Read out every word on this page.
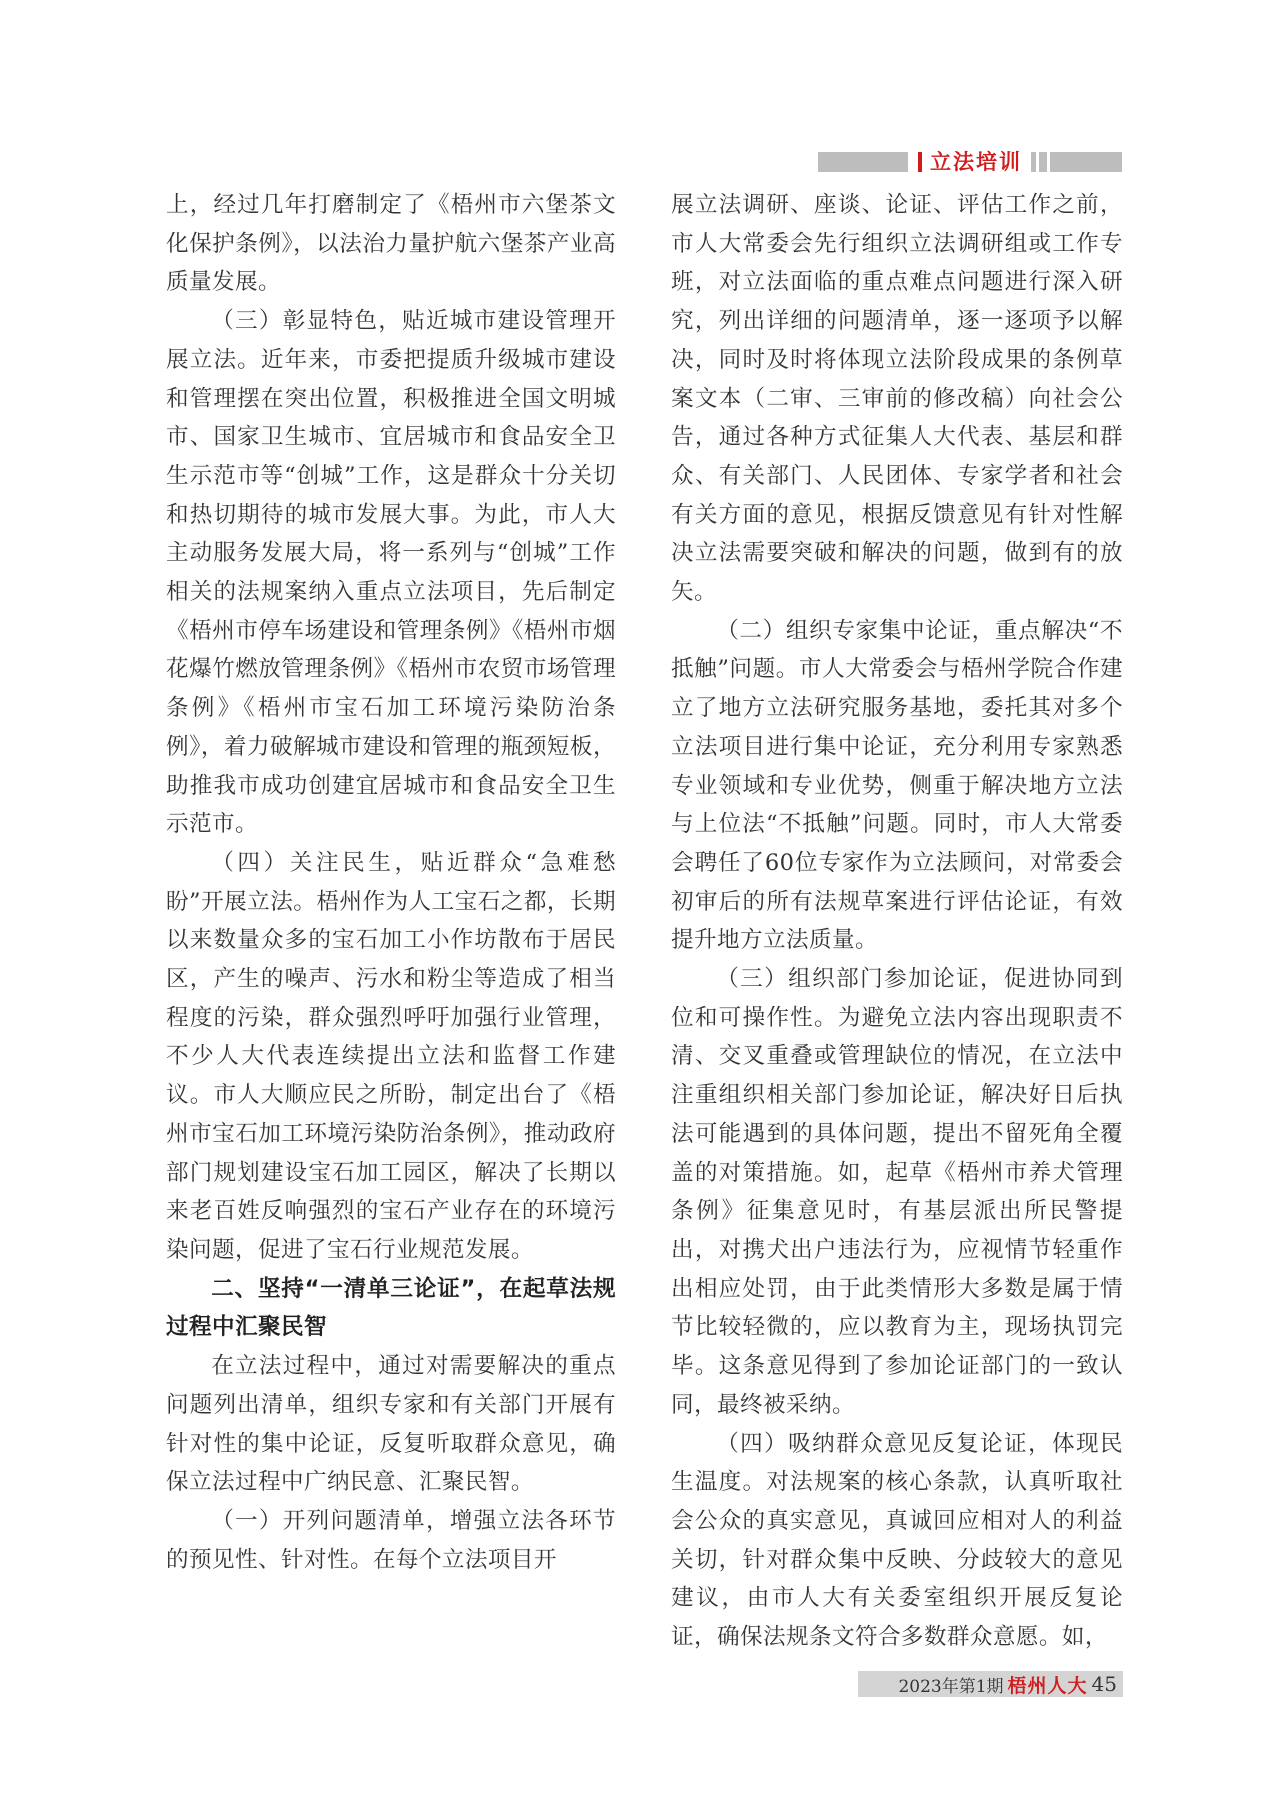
立法培训

上，经过几年打磨制定了《梧州市六堡茶文化保护条例》，以法治力量护航六堡茶产业高质量发展。

（三）彰显特色，贴近城市建设管理开展立法。近年来，市委把提质升级城市建设和管理摆在突出位置，积极推进全国文明城市、国家卫生城市、宜居城市和食品安全卫生示范市等“创城”工作，这是群众十分关切和热切期待的城市发展大事。为此，市人大主动服务发展大局，将一系列与“创城”工作相关的法规案纳入重点立法项目，先后制定《梧州市停车场建设和管理条例》《梧州市烟花爆竹燃放管理条例》《梧州市农贸市场管理条例》《梧州市宝石加工环境污染防治条例》，着力破解城市建设和管理的瓶颈短板，助推我市成功创建宜居城市和食品安全卫生示范市。

（四）关注民生，贴近群众“急难愁盼”开展立法。梧州作为人工宝石之都，长期以来数量众多的宝石加工小作坊散布于居民区，产生的噪声、污水和粉尘等造成了相当程度的污染，群众强烈呼吁加强行业管理，不少人大代表连续提出立法和监督工作建议。市人大顺应民之所盼，制定出台了《梧州市宝石加工环境污染防治条例》，推动政府部门规划建设宝石加工园区，解决了长期以来老百姓反响强烈的宝石产业存在的环境污染问题，促进了宝石行业规范发展。

二、坚持“一清单三论证”，在起草法规过程中汇聚民智

在立法过程中，通过对需要解决的重点问题列出清单，组织专家和有关部门开展有针对性的集中论证，反复听取群众意见，确保立法过程中广纳民意、汇聚民智。

（一）开列问题清单，增强立法各环节的预见性、针对性。在每个立法项目开

展立法调研、座谈、论证、评估工作之前，市人大常委会先行组织立法调研组或工作专班，对立法面临的重点难点问题进行深入研究，列出详细的问题清单，逐一逐项予以解决，同时及时将体现立法阶段成果的条例草案文本（二审、三审前的修改稿）向社会公告，通过各种方式征集人大代表、基层和群众、有关部门、人民团体、专家学者和社会有关方面的意见，根据反馈意见有针对性解决立法需要突破和解决的问题，做到有的放矢。

（二）组织专家集中论证，重点解决“不抵触”问题。市人大常委会与梧州学院合作建立了地方立法研究服务基地，委托其对多个立法项目进行集中论证，充分利用专家熟悉专业领域和专业优势，侧重于解决地方立法与上位法“不抵触”问题。同时，市人大常委会聘任了60位专家作为立法顾问，对常委会初审后的所有法规草案进行评估论证，有效提升地方立法质量。

（三）组织部门参加论证，促进协同到位和可操作性。为避免立法内容出现职责不清、交叉重叠或管理缺位的情况，在立法中注重组织相关部门参加论证，解决好日后执法可能遇到的具体问题，提出不留死角全覆盖的对策措施。如，起草《梧州市养犬管理条例》征集意见时，有基层派出所民警提出，对携犬出户违法行为，应视情节轻重作出相应处罚，由于此类情形大多数是属于情节比较轻微的，应以教育为主，现场执罚完毕。这条意见得到了参加论证部门的一致认同，最终被采纳。

（四）吸纳群众意见反复论证，体现民生温度。对法规案的核心条款，认真听取社会公众的真实意见，真诚回应相对人的利益关切，针对群众集中反映、分歧较大的意见建议，由市人大有关委室组织开展反复论证，确保法规条文符合多数群众意愿。如，

2023年第1期 梧州人大 45
